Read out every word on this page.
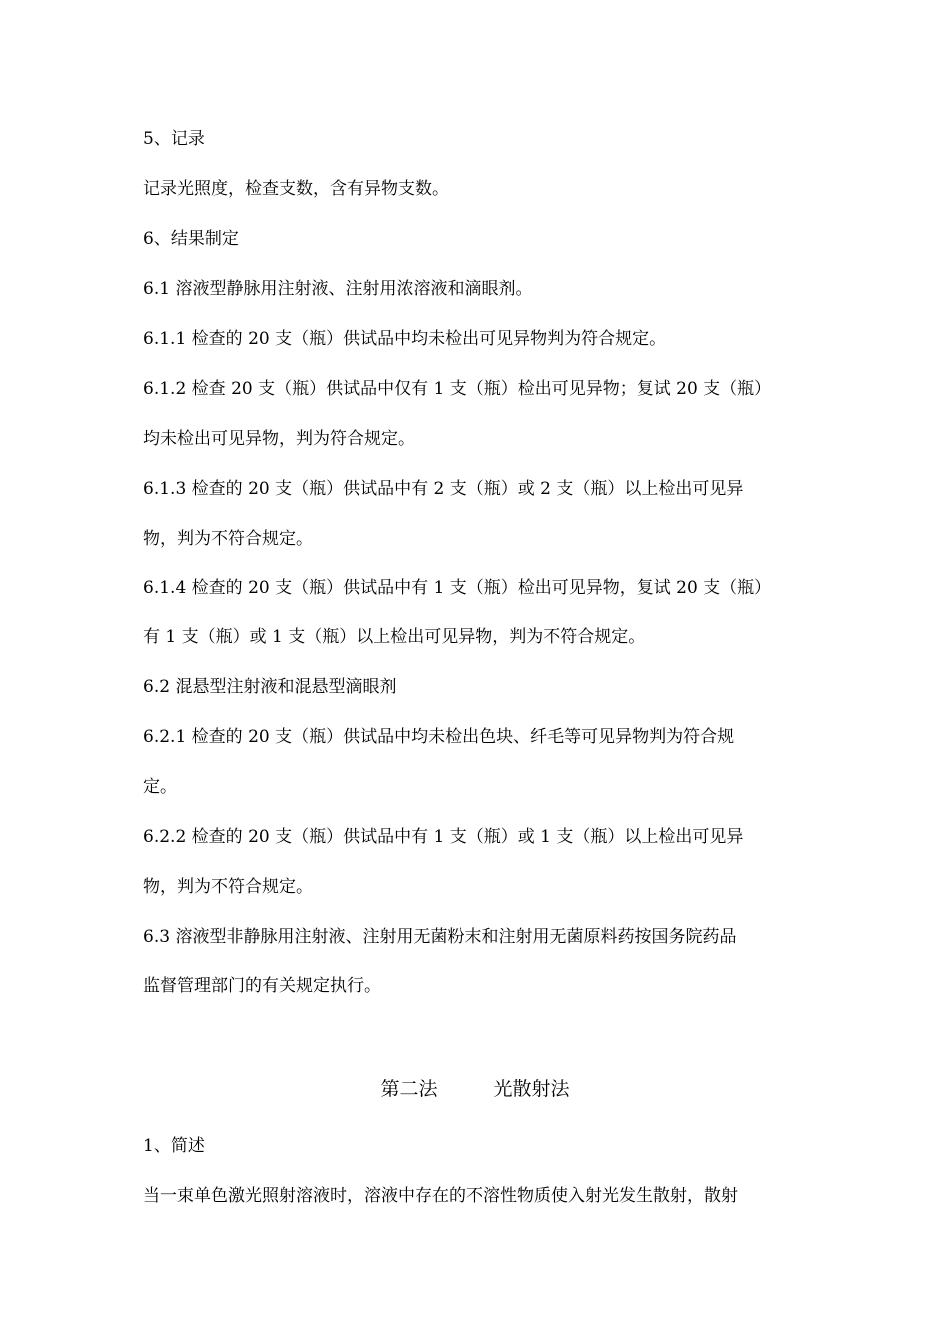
5、记录
记录光照度，检查支数，含有异物支数。
6、结果制定
6.1 溶液型静脉用注射液、注射用浓溶液和滴眼剂。
6.1.1 检查的 20 支（瓶）供试品中均未检出可见异物判为符合规定。
6.1.2 检查 20 支（瓶）供试品中仅有 1 支（瓶）检出可见异物；复试 20 支（瓶）
均未检出可见异物，判为符合规定。
6.1.3 检查的 20 支（瓶）供试品中有 2 支（瓶）或 2 支（瓶）以上检出可见异
物，判为不符合规定。
6.1.4 检查的 20 支（瓶）供试品中有 1 支（瓶）检出可见异物，复试 20 支（瓶）
有 1 支（瓶）或 1 支（瓶）以上检出可见异物，判为不符合规定。
6.2 混悬型注射液和混悬型滴眼剂
6.2.1 检查的 20 支（瓶）供试品中均未检出色块、纤毛等可见异物判为符合规
定。
6.2.2 检查的 20 支（瓶）供试品中有 1 支（瓶）或 1 支（瓶）以上检出可见异
物，判为不符合规定。
6.3 溶液型非静脉用注射液、注射用无菌粉末和注射用无菌原料药按国务院药品
监督管理部门的有关规定执行。
第二法	光散射法
1、简述
当一束单色激光照射溶液时，溶液中存在的不溶性物质使入射光发生散射，散射
